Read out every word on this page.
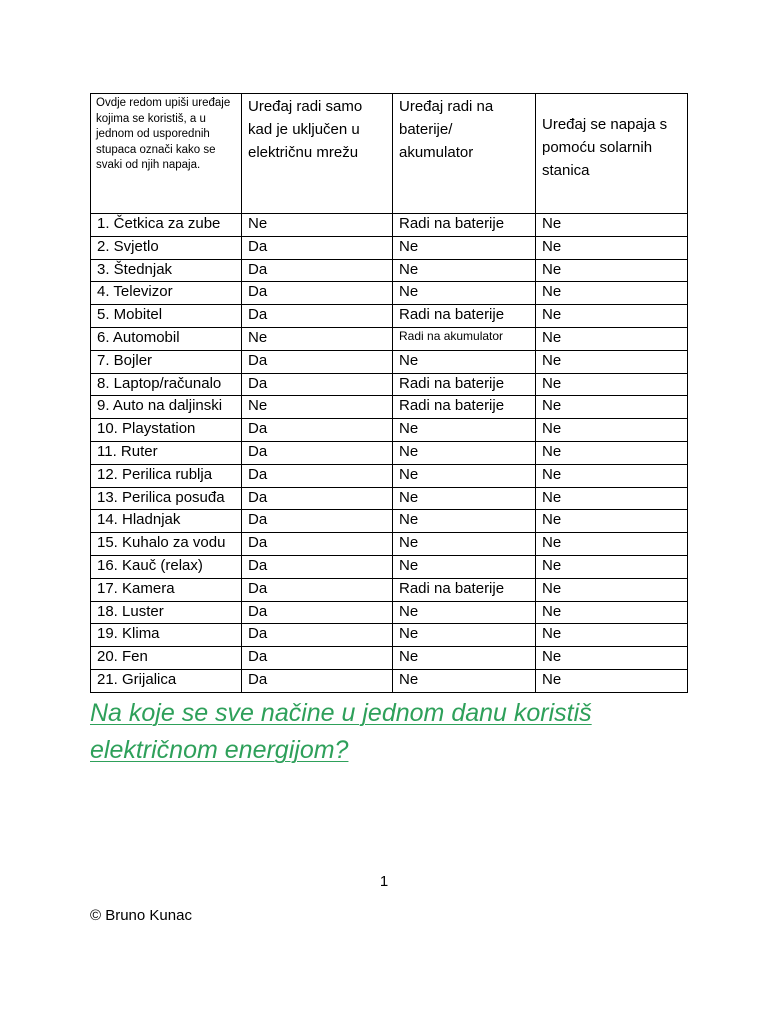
Ovdje redom upiši uređaje kojima se koristiš, a u jednom od usporednih stupaca označi kako se svaki od njih napaja.	Uređaj radi samo kad je uključen u električnu mrežu	Uređaj radi na baterije/ akumulator	Uređaj se napaja s pomoću solarnih stanica

1. Četkica za zube	Ne	Radi na baterije	Ne
2. Svjetlo	Da	Ne	Ne
3. Štednjak	Da	Ne	Ne
4. Televizor	Da	Ne	Ne
5. Mobitel	Da	Radi na baterije	Ne
6. Automobil	Ne	Radi na akumulator	Ne
7. Bojler	Da	Ne	Ne
8. Laptop/računalo	Da	Radi na baterije	Ne
9. Auto na daljinski	Ne	Radi na baterije	Ne
10. Playstation	Da	Ne	Ne
11. Ruter	Da	Ne	Ne
12. Perilica rublja	Da	Ne	Ne
13. Perilica posuđa	Da	Ne	Ne
14. Hladnjak	Da	Ne	Ne
15. Kuhalo za vodu	Da	Ne	Ne
16. Kauč (relax)	Da	Ne	Ne
17. Kamera	Da	Radi na baterije	Ne
18. Luster	Da	Ne	Ne
19. Klima	Da	Ne	Ne
20. Fen	Da	Ne	Ne
21. Grijalica	Da	Ne	Ne
Na koje se sve načine u jednom danu koristiš električnom energijom?
1
© Bruno Kunac
